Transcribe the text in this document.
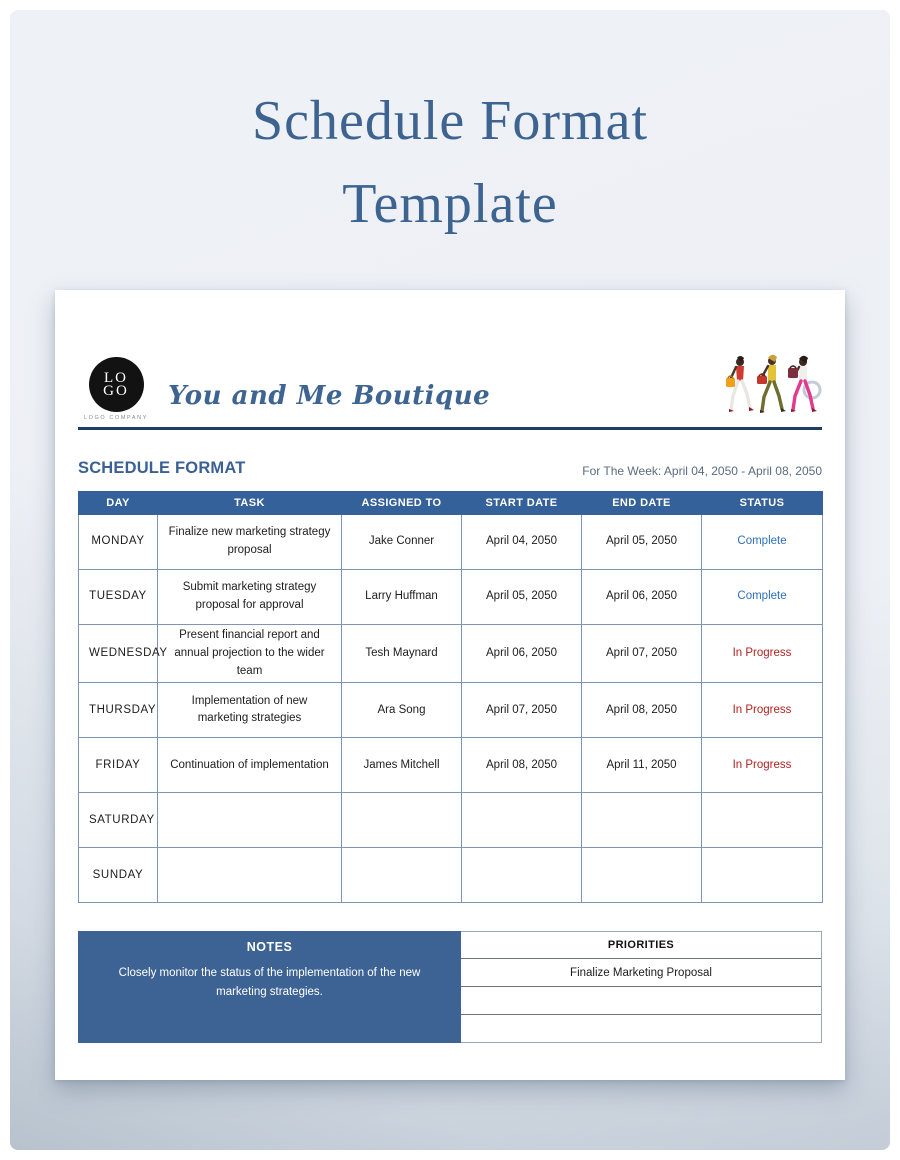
Schedule Format
Template
LO
GO
LOGO COMPANY
You and Me Boutique
SCHEDULE FORMAT	For The Week: April 04, 2050 - April 08, 2050
DAY	TASK	ASSIGNED TO	START DATE	END DATE	STATUS
MONDAY	Finalize new marketing strategy proposal	Jake Conner	April 04, 2050	April 05, 2050	Complete
TUESDAY	Submit marketing strategy proposal for approval	Larry Huffman	April 05, 2050	April 06, 2050	Complete
WEDNESDAY	Present financial report and annual projection to the wider team	Tesh Maynard	April 06, 2050	April 07, 2050	In Progress
THURSDAY	Implementation of new marketing strategies	Ara Song	April 07, 2050	April 08, 2050	In Progress
FRIDAY	Continuation of implementation	James Mitchell	April 08, 2050	April 11, 2050	In Progress
SATURDAY					
SUNDAY					
NOTES
Closely monitor the status of the implementation of the new marketing strategies.
PRIORITIES
Finalize Marketing Proposal
